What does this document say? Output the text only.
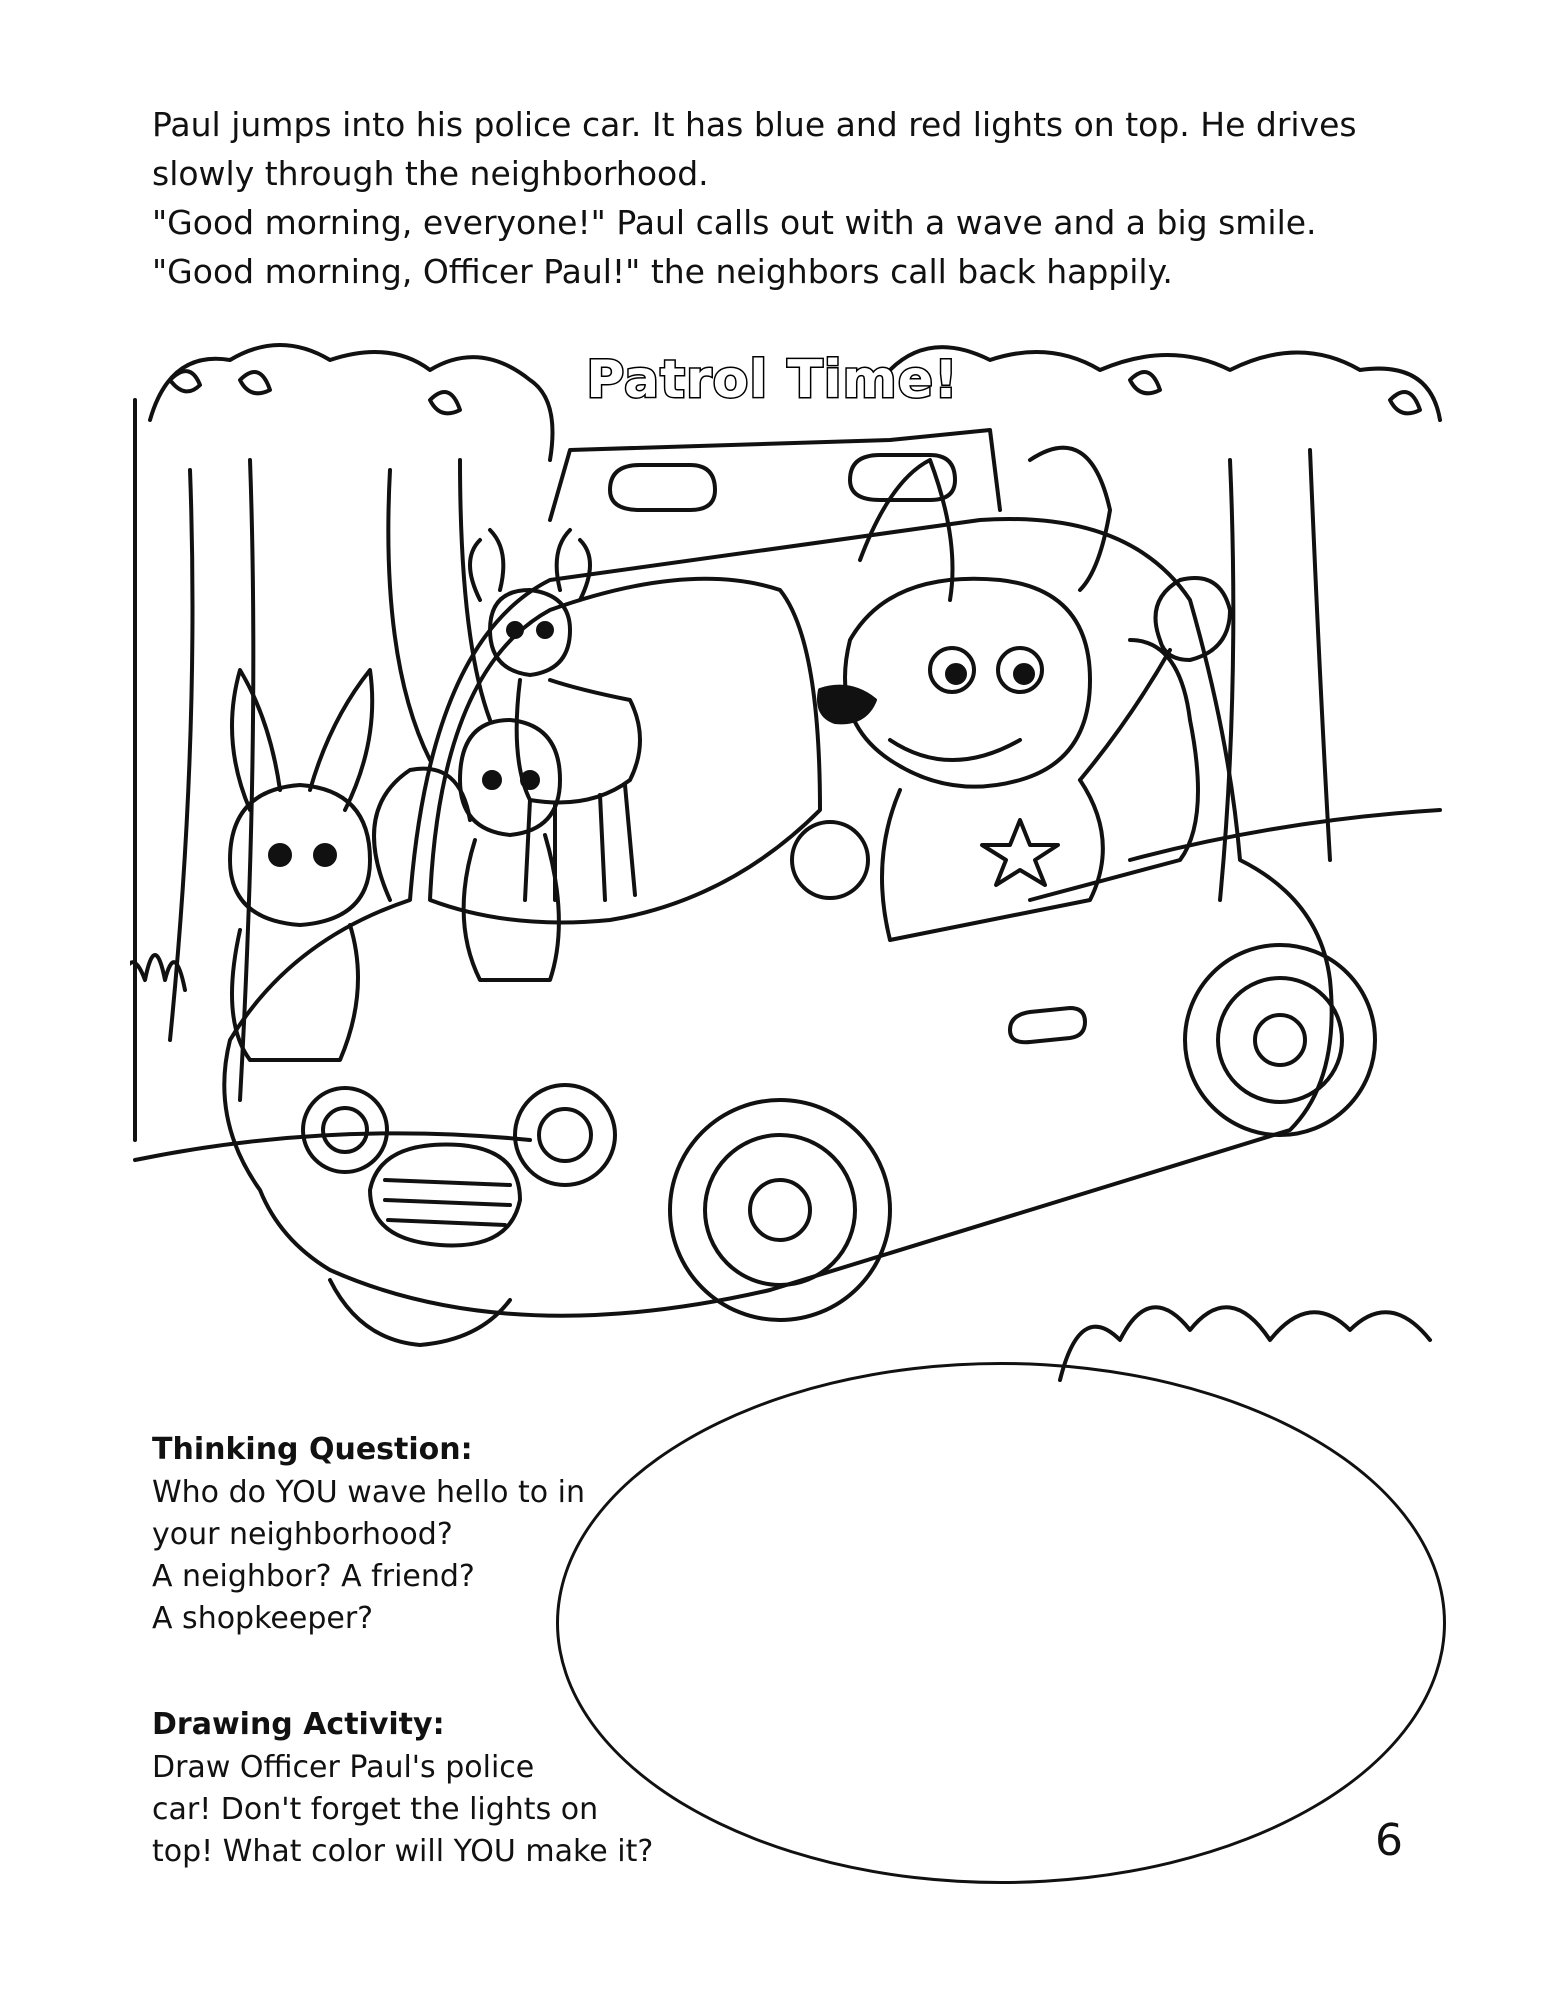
Paul jumps into his police car. It has blue and red lights on top. He drives

slowly through the neighborhood.

"Good morning, everyone!" Paul calls out with a wave and a big smile.

"Good morning, Officer Paul!" the neighbors call back happily.

Patrol Time!
Thinking Question:

Who do YOU wave hello to in

your neighborhood?

A neighbor? A friend?

A shopkeeper?

Drawing Activity:

Draw Officer Paul's police

car! Don't forget the lights on

top! What color will YOU make it?	6
